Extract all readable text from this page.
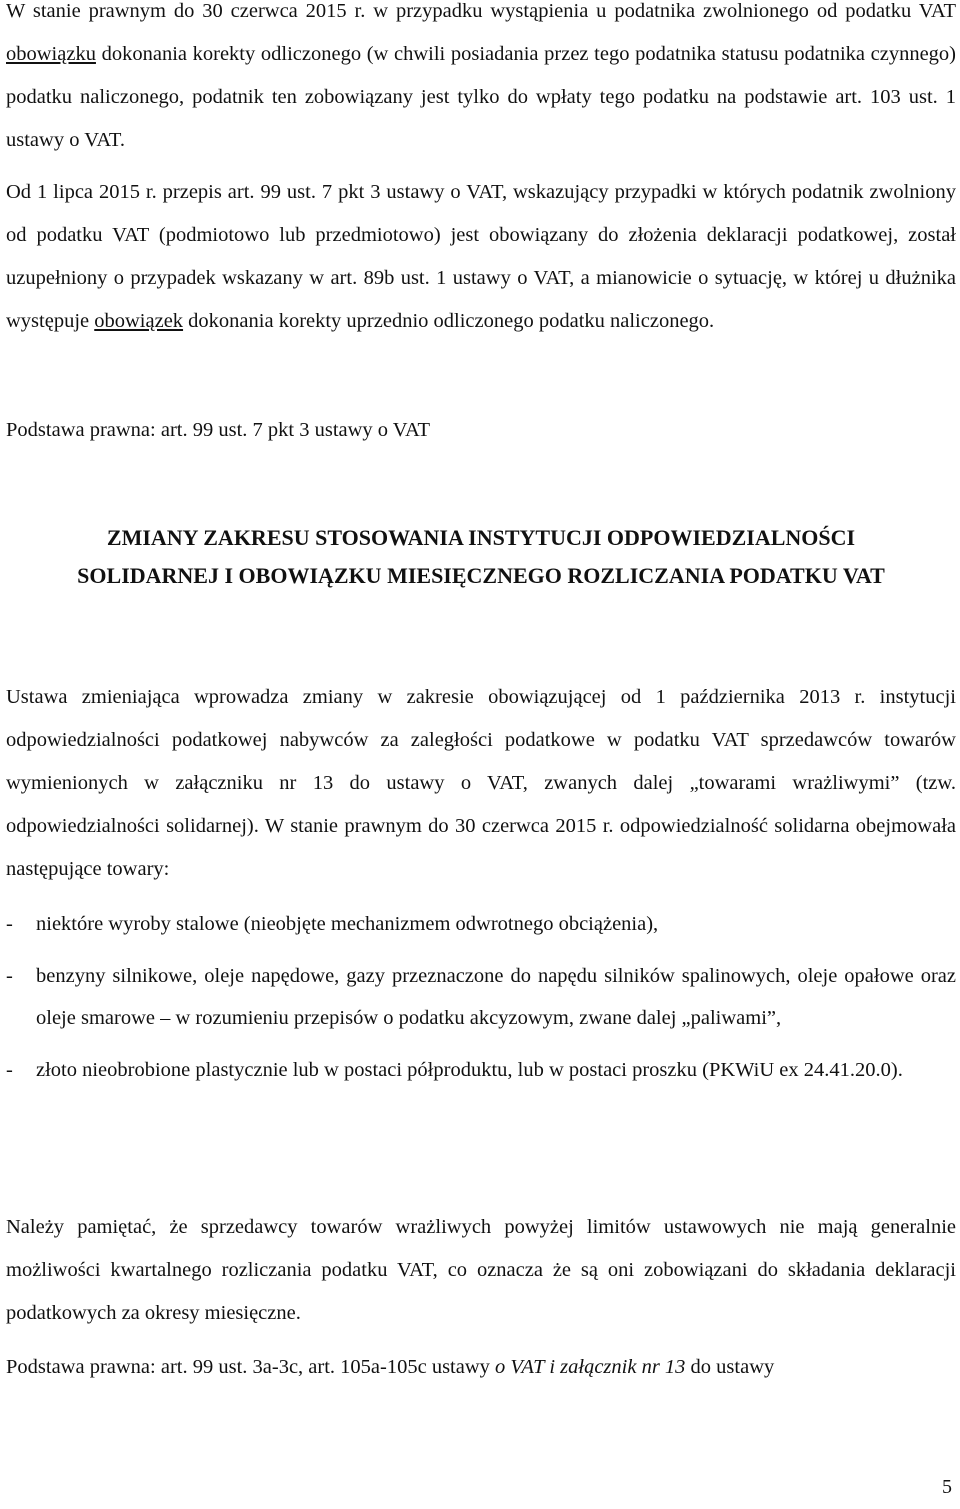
W stanie prawnym do 30 czerwca 2015 r. w przypadku wystąpienia u podatnika zwolnionego od podatku VAT obowiązku dokonania korekty odliczonego (w chwili posiadania przez tego podatnika statusu podatnika czynnego) podatku naliczonego, podatnik ten zobowiązany jest tylko do wpłaty tego podatku na podstawie art. 103 ust. 1 ustawy o VAT.

Od 1 lipca 2015 r. przepis art. 99 ust. 7 pkt 3 ustawy o VAT, wskazujący przypadki w których podatnik zwolniony od podatku VAT (podmiotowo lub przedmiotowo) jest obowiązany do złożenia deklaracji podatkowej, został uzupełniony o przypadek wskazany w art. 89b ust. 1 ustawy o VAT, a mianowicie o sytuację, w której u dłużnika występuje obowiązek dokonania korekty uprzednio odliczonego podatku naliczonego.

Podstawa prawna: art. 99 ust. 7 pkt 3 ustawy o VAT

ZMIANY ZAKRESU STOSOWANIA INSTYTUCJI ODPOWIEDZIALNOŚCI
SOLIDARNEJ I OBOWIĄZKU MIESIĘCZNEGO ROZLICZANIA PODATKU VAT

Ustawa zmieniająca wprowadza zmiany w zakresie obowiązującej od 1 października 2013 r. instytucji odpowiedzialności podatkowej nabywców za zaległości podatkowe w podatku VAT sprzedawców towarów wymienionych w załączniku nr 13 do ustawy o VAT, zwanych dalej „towarami wrażliwymi” (tzw. odpowiedzialności solidarnej). W stanie prawnym do 30 czerwca 2015 r. odpowiedzialność solidarna obejmowała następujące towary:

- niektóre wyroby stalowe (nieobjęte mechanizmem odwrotnego obciążenia),
- benzyny silnikowe, oleje napędowe, gazy przeznaczone do napędu silników spalinowych, oleje opałowe oraz oleje smarowe – w rozumieniu przepisów o podatku akcyzowym, zwane dalej „paliwami”,
- złoto nieobrobione plastycznie lub w postaci półproduktu, lub w postaci proszku (PKWiU ex 24.41.20.0).

Należy pamiętać, że sprzedawcy towarów wrażliwych powyżej limitów ustawowych nie mają generalnie możliwości kwartalnego rozliczania podatku VAT, co oznacza że są oni zobowiązani do składania deklaracji podatkowych za okresy miesięczne.

Podstawa prawna: art. 99 ust. 3a-3c, art. 105a-105c ustawy o VAT i załącznik nr 13 do ustawy

5
